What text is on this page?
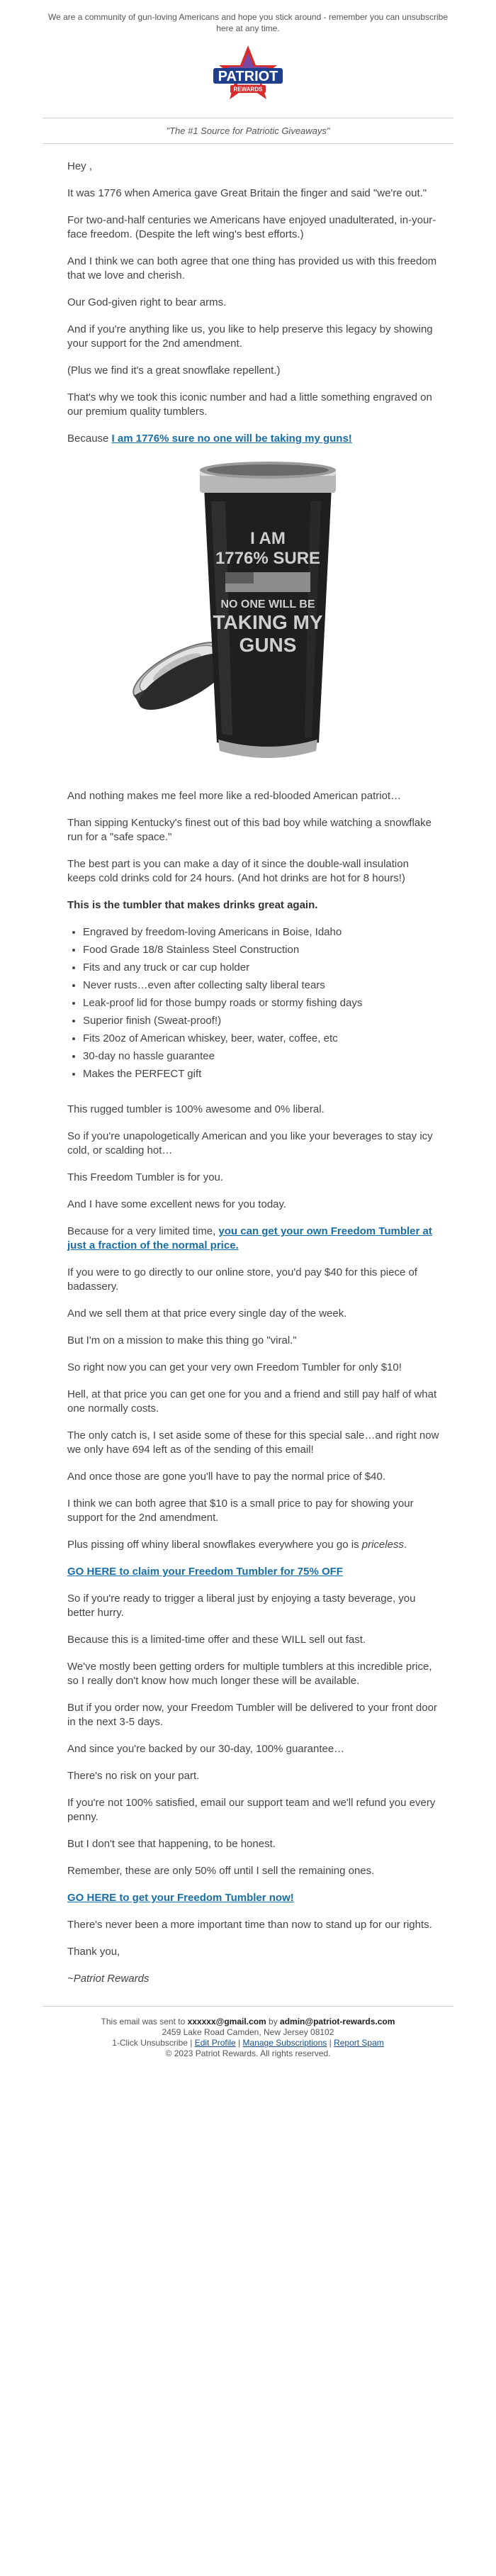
We are a community of gun-loving Americans and hope you stick around - remember you can unsubscribe here at any time.
PATRIOT
REWARDS
"The #1 Source for Patriotic Giveaways"

Hey ,

It was 1776 when America gave Great Britain the finger and said "we're out."

For two-and-half centuries we Americans have enjoyed unadulterated, in-your-face freedom. (Despite the left wing's best efforts.)

And I think we can both agree that one thing has provided us with this freedom that we love and cherish.

Our God-given right to bear arms.

And if you're anything like us, you like to help preserve this legacy by showing your support for the 2nd amendment.

(Plus we find it's a great snowflake repellent.)

That's why we took this iconic number and had a little something engraved on our premium quality tumblers.

Because I am 1776% sure no one will be taking my guns!

I AM
1776% SURE
NO ONE WILL BE
TAKING MY
GUNS

And nothing makes me feel more like a red-blooded American patriot…

Than sipping Kentucky's finest out of this bad boy while watching a snowflake run for a "safe space."

The best part is you can make a day of it since the double-wall insulation keeps cold drinks cold for 24 hours. (And hot drinks are hot for 8 hours!)

This is the tumbler that makes drinks great again.

• Engraved by freedom-loving Americans in Boise, Idaho
• Food Grade 18/8 Stainless Steel Construction
• Fits and any truck or car cup holder
• Never rusts…even after collecting salty liberal tears
• Leak-proof lid for those bumpy roads or stormy fishing days
• Superior finish (Sweat-proof!)
• Fits 20oz of American whiskey, beer, water, coffee, etc
• 30-day no hassle guarantee
• Makes the PERFECT gift

This rugged tumbler is 100% awesome and 0% liberal.

So if you're unapologetically American and you like your beverages to stay icy cold, or scalding hot…

This Freedom Tumbler is for you.

And I have some excellent news for you today.

Because for a very limited time, you can get your own Freedom Tumbler at just a fraction of the normal price.

If you were to go directly to our online store, you'd pay $40 for this piece of badassery.

And we sell them at that price every single day of the week.

But I'm on a mission to make this thing go "viral."

So right now you can get your very own Freedom Tumbler for only $10!

Hell, at that price you can get one for you and a friend and still pay half of what one normally costs.

The only catch is, I set aside some of these for this special sale…and right now we only have 694 left as of the sending of this email!

And once those are gone you'll have to pay the normal price of $40.

I think we can both agree that $10 is a small price to pay for showing your support for the 2nd amendment.

Plus pissing off whiny liberal snowflakes everywhere you go is priceless.

GO HERE to claim your Freedom Tumbler for 75% OFF

So if you're ready to trigger a liberal just by enjoying a tasty beverage, you better hurry.

Because this is a limited-time offer and these WILL sell out fast.

We've mostly been getting orders for multiple tumblers at this incredible price, so I really don't know how much longer these will be available.

But if you order now, your Freedom Tumbler will be delivered to your front door in the next 3-5 days.

And since you're backed by our 30-day, 100% guarantee…

There's no risk on your part.

If you're not 100% satisfied, email our support team and we'll refund you every penny.

But I don't see that happening, to be honest.

Remember, these are only 50% off until I sell the remaining ones.

GO HERE to get your Freedom Tumbler now!

There's never been a more important time than now to stand up for our rights.

Thank you,

~Patriot Rewards

This email was sent to xxxxxx@gmail.com by admin@patriot-rewards.com
2459 Lake Road Camden, New Jersey 08102
1-Click Unsubscribe | Edit Profile | Manage Subscriptions | Report Spam
© 2023 Patriot Rewards. All rights reserved.
